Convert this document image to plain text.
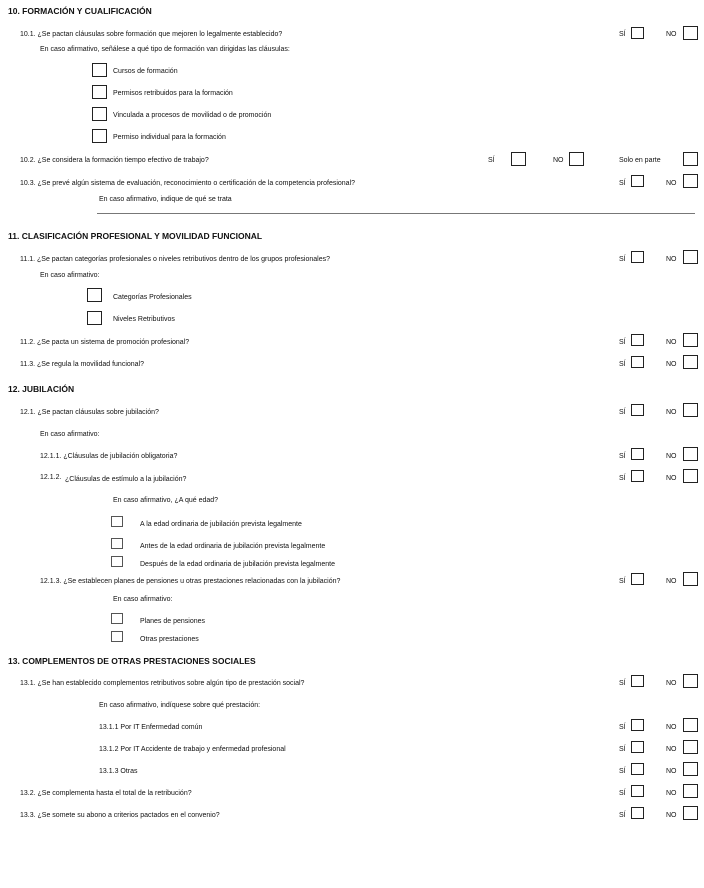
10. FORMACIÓN Y CUALIFICACIÓN
10.1. ¿Se pactan cláusulas sobre formación que mejoren lo legalmente establecido?	SÍ	NO
En caso afirmativo, señálese a qué tipo de formación van dirigidas las cláusulas:
Cursos de formación
Permisos retribuidos para la formación
Vinculada a procesos de movilidad o de promoción
Permiso individual para la formación
10.2. ¿Se considera la formación tiempo efectivo de trabajo?	SÍ	NO	Solo en parte
10.3. ¿Se prevé algún sistema de evaluación, reconocimiento o certificación de la competencia profesional?	SÍ	NO
En caso afirmativo, indique de qué se trata
11. CLASIFICACIÓN PROFESIONAL Y MOVILIDAD FUNCIONAL
11.1. ¿Se pactan categorías profesionales o niveles retributivos dentro de los grupos profesionales?	SÍ	NO
En caso afirmativo:
Categorías Profesionales
Niveles Retributivos
11.2. ¿Se pacta un sistema de promoción profesional?	SÍ	NO
11.3. ¿Se regula la movilidad funcional?	SÍ	NO
12. JUBILACIÓN
12.1. ¿Se pactan cláusulas sobre jubilación?	SÍ	NO
En caso afirmativo:
12.1.1. ¿Cláusulas de jubilación obligatoria?	SÍ	NO
12.1.2. ¿Cláusulas de estímulo a la jubilación?	SÍ	NO
En caso afirmativo, ¿A qué edad?
A la edad ordinaria de jubilación prevista legalmente
Antes de la edad ordinaria de jubilación prevista legalmente
Después de la edad ordinaria de jubilación prevista legalmente
12.1.3. ¿Se establecen planes de pensiones u otras prestaciones relacionadas con la jubilación?	SÍ	NO
En caso afirmativo:
Planes de pensiones
Otras prestaciones
13. COMPLEMENTOS DE OTRAS PRESTACIONES SOCIALES
13.1. ¿Se han establecido complementos retributivos sobre algún tipo de prestación social?	SÍ	NO
En caso afirmativo, indíquese sobre qué prestación:
13.1.1 Por IT Enfermedad común	SÍ	NO
13.1.2 Por IT Accidente de trabajo y enfermedad profesional	SÍ	NO
13.1.3 Otras	SÍ	NO
13.2. ¿Se complementa hasta el total de la retribución?	SÍ	NO
13.3. ¿Se somete su abono a criterios pactados en el convenio?	SÍ	NO
